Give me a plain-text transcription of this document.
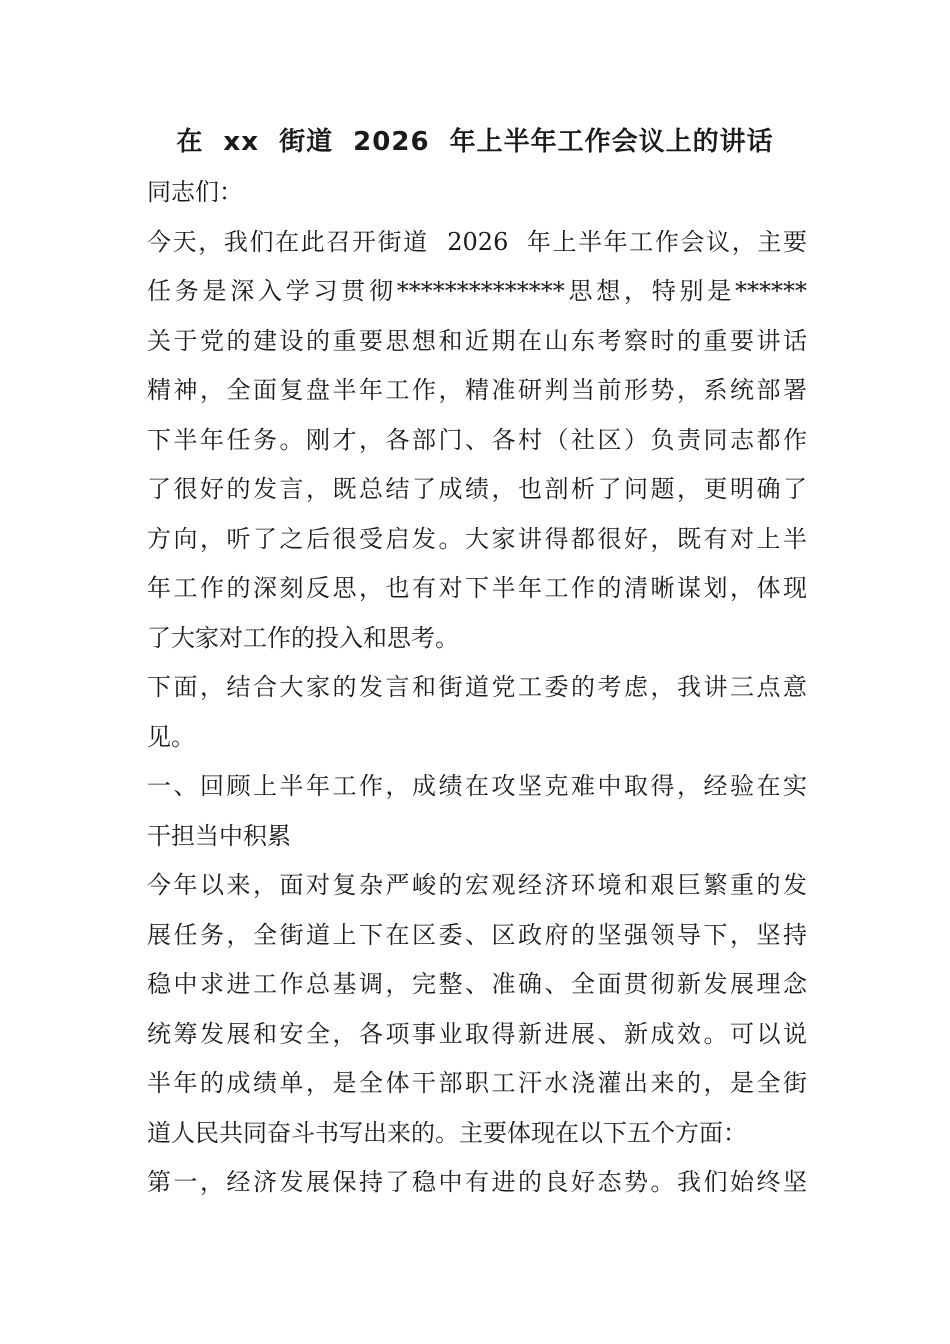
在  xx  街道  2026  年上半年工作会议上的讲话
同志们：
今天，我们在此召开街道  2026  年上半年工作会议，主要
任务是深入学习贯彻**************思想，特别是******
关于党的建设的重要思想和近期在山东考察时的重要讲话
精神，全面复盘半年工作，精准研判当前形势，系统部署
下半年任务。刚才，各部门、各村（社区）负责同志都作
了很好的发言，既总结了成绩，也剖析了问题，更明确了
方向，听了之后很受启发。大家讲得都很好，既有对上半
年工作的深刻反思，也有对下半年工作的清晰谋划，体现
了大家对工作的投入和思考。
下面，结合大家的发言和街道党工委的考虑，我讲三点意
见。
一、回顾上半年工作，成绩在攻坚克难中取得，经验在实
干担当中积累
今年以来，面对复杂严峻的宏观经济环境和艰巨繁重的发
展任务，全街道上下在区委、区政府的坚强领导下，坚持
稳中求进工作总基调，完整、准确、全面贯彻新发展理念
统筹发展和安全，各项事业取得新进展、新成效。可以说
半年的成绩单，是全体干部职工汗水浇灌出来的，是全街
道人民共同奋斗书写出来的。主要体现在以下五个方面：
第一，经济发展保持了稳中有进的良好态势。我们始终坚
